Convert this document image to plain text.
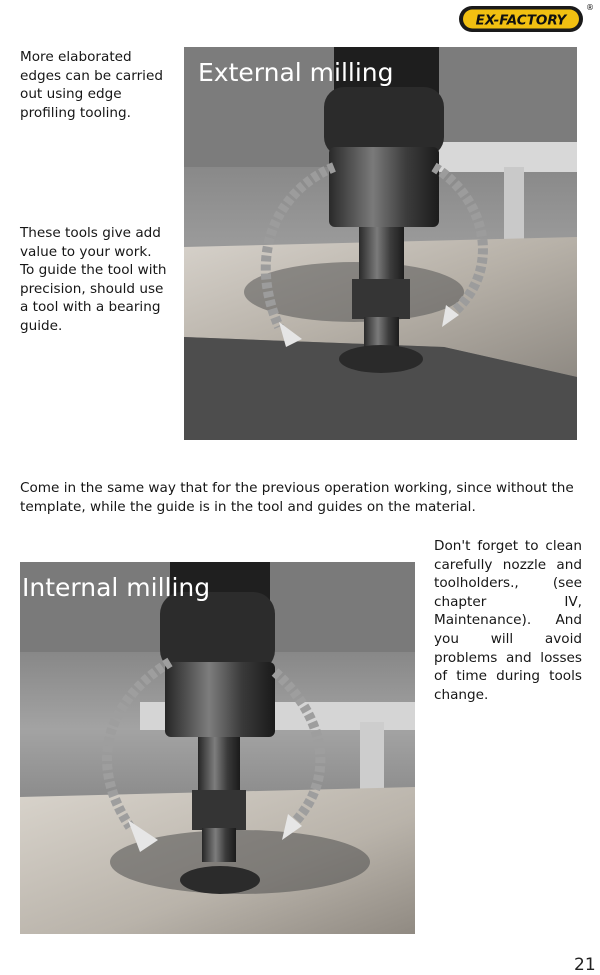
EX-FACTORY
®

More elaborated
edges can be carried
out using edge
profiling tooling.

These tools give add
value to your work.
To guide the tool with
precision, should use
a tool with a bearing
guide.

External milling

Come in the same way that for the previous operation working, since without the template, while the guide is in the tool and guides on the material.

Don't forget to clean carefully nozzle and toolholders., (see chapter IV, Maintenance). And you will avoid problems and losses of time during tools change.

Internal milling
21
